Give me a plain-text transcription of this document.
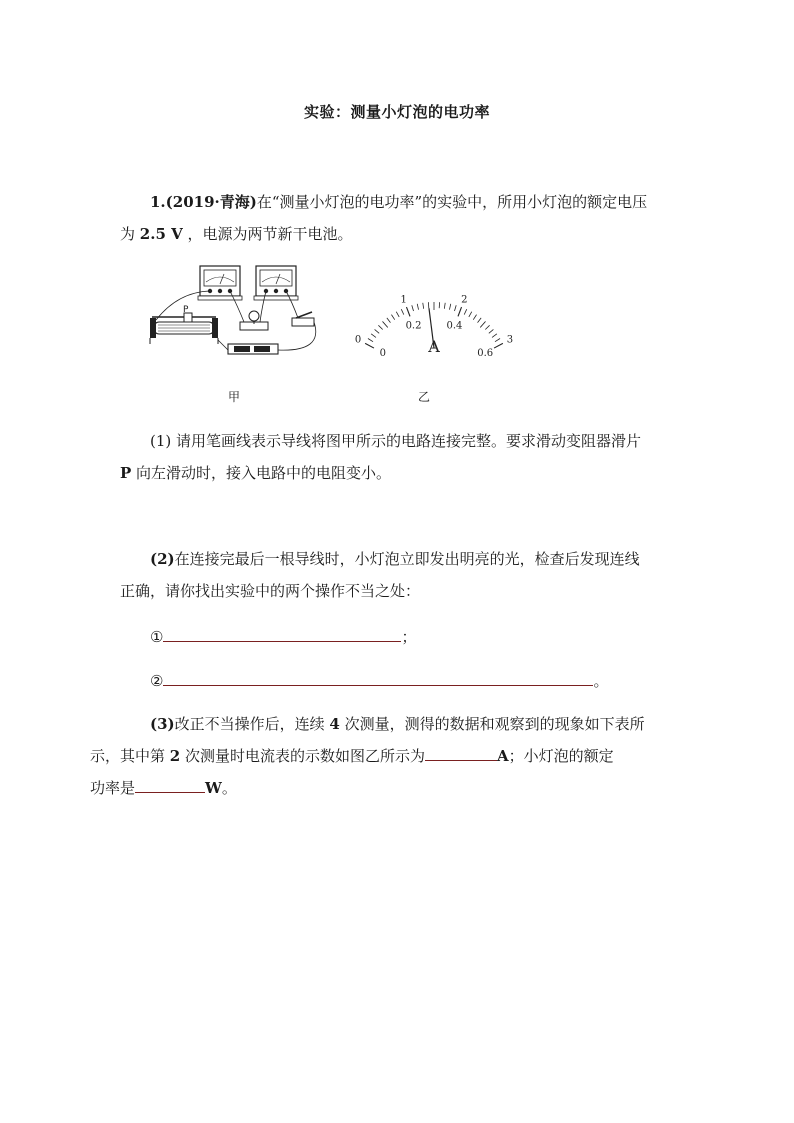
实验：测量小灯泡的电功率
1.(2019·青海)在“测量小灯泡的电功率”的实验中，所用小灯泡的额定电压
为 2.5 V ，电源为两节新干电池。
P
甲
0
1	2
3
0
0.2	0.4
0.6
A
乙
(1) 请用笔画线表示导线将图甲所示的电路连接完整。要求滑动变阻器滑片
P 向左滑动时，接入电路中的电阻变小。
(2)在连接完最后一根导线时，小灯泡立即发出明亮的光，检查后发现连线
正确，请你找出实验中的两个操作不当之处：
①	；
②	。
(3)改正不当操作后，连续 4 次测量，测得的数据和观察到的现象如下表所
示，其中第 2 次测量时电流表的示数如图乙所示为	A；小灯泡的额定
功率是	W。
